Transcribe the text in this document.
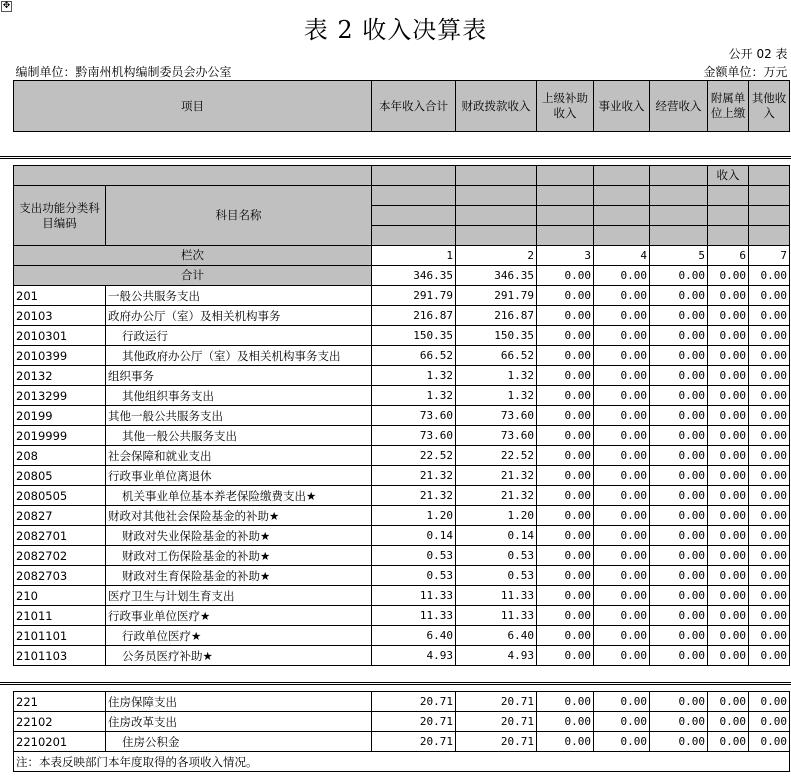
✥
表 2 收入决算表
						公开 02 表	
编制单位：黔南州机构编制委员会办公室					金额单位：万元		
项目	本年收入合计	财政拨款收入	上级补助收入	事业收入	经营收入	附属单位上缴	其他收入
							收入	
支出功能分类科目编码	科目名称							

栏次		1	2	3	4	5	6	7
合计		346.35	346.35	0.00	0.00	0.00	0.00	0.00
201	一般公共服务支出	291.79	291.79	0.00	0.00	0.00	0.00	0.00
20103	政府办公厅（室）及相关机构事务	216.87	216.87	0.00	0.00	0.00	0.00	0.00
2010301	行政运行	150.35	150.35	0.00	0.00	0.00	0.00	0.00
2010399	其他政府办公厅（室）及相关机构事务支出	66.52	66.52	0.00	0.00	0.00	0.00	0.00
20132	组织事务	1.32	1.32	0.00	0.00	0.00	0.00	0.00
2013299	其他组织事务支出	1.32	1.32	0.00	0.00	0.00	0.00	0.00
20199	其他一般公共服务支出	73.60	73.60	0.00	0.00	0.00	0.00	0.00
2019999	其他一般公共服务支出	73.60	73.60	0.00	0.00	0.00	0.00	0.00
208	社会保障和就业支出	22.52	22.52	0.00	0.00	0.00	0.00	0.00
20805	行政事业单位离退休	21.32	21.32	0.00	0.00	0.00	0.00	0.00
2080505	机关事业单位基本养老保险缴费支出★	21.32	21.32	0.00	0.00	0.00	0.00	0.00
20827	财政对其他社会保险基金的补助★	1.20	1.20	0.00	0.00	0.00	0.00	0.00
2082701	财政对失业保险基金的补助★	0.14	0.14	0.00	0.00	0.00	0.00	0.00
2082702	财政对工伤保险基金的补助★	0.53	0.53	0.00	0.00	0.00	0.00	0.00
2082703	财政对生育保险基金的补助★	0.53	0.53	0.00	0.00	0.00	0.00	0.00
210	医疗卫生与计划生育支出	11.33	11.33	0.00	0.00	0.00	0.00	0.00
21011	行政事业单位医疗★	11.33	11.33	0.00	0.00	0.00	0.00	0.00
2101101	行政单位医疗★	6.40	6.40	0.00	0.00	0.00	0.00	0.00
2101103	公务员医疗补助★	4.93	4.93	0.00	0.00	0.00	0.00	0.00
221	住房保障支出	20.71	20.71	0.00	0.00	0.00	0.00	0.00
22102	住房改革支出	20.71	20.71	0.00	0.00	0.00	0.00	0.00
2210201	住房公积金	20.71	20.71	0.00	0.00	0.00	0.00	0.00
注：本表反映部门本年度取得的各项收入情况。								
